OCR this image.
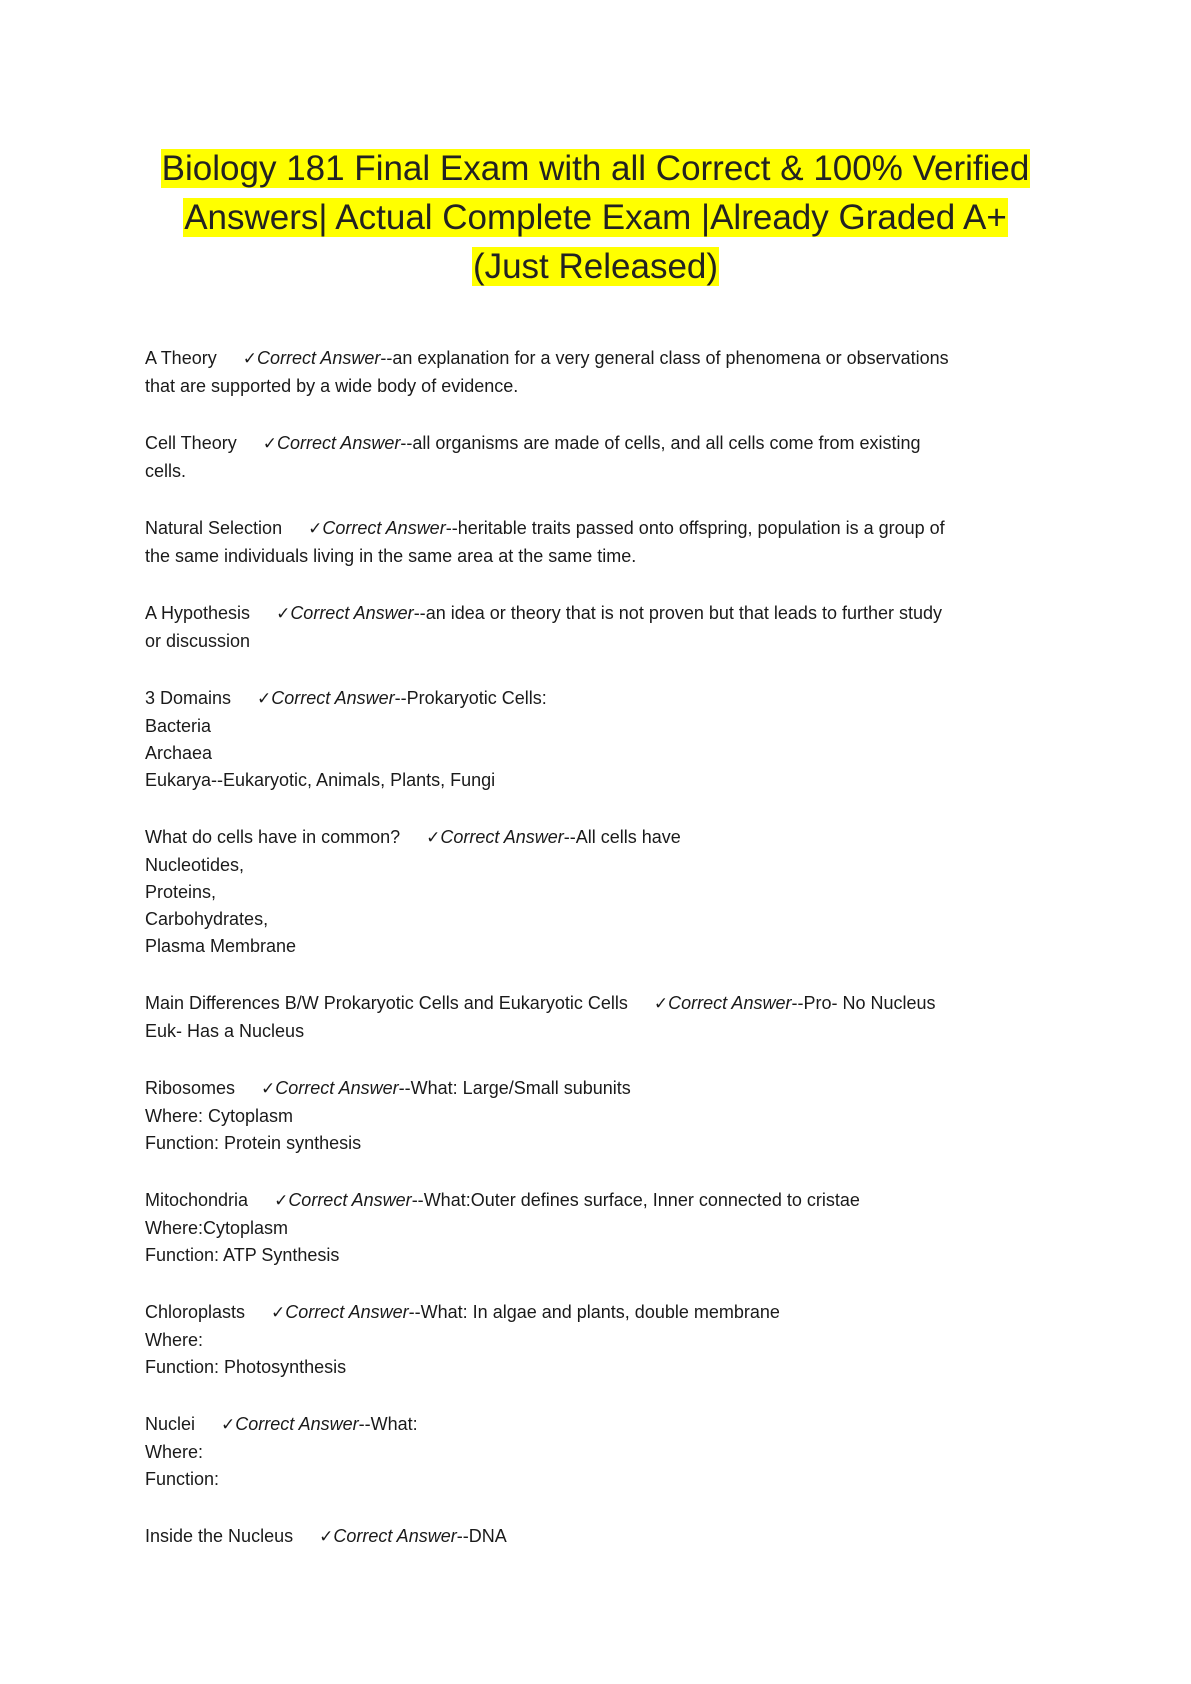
Biology 181 Final Exam with all Correct & 100% Verified
Answers| Actual Complete Exam |Already Graded A+
(Just Released)
A Theory ✓Correct Answer--an explanation for a very general class of phenomena or observations
that are supported by a wide body of evidence.
Cell Theory ✓Correct Answer--all organisms are made of cells, and all cells come from existing
cells.
Natural Selection ✓Correct Answer--heritable traits passed onto offspring, population is a group of
the same individuals living in the same area at the same time.
A Hypothesis ✓Correct Answer--an idea or theory that is not proven but that leads to further study
or discussion
3 Domains ✓Correct Answer--Prokaryotic Cells:
Bacteria
Archaea
Eukarya--Eukaryotic, Animals, Plants, Fungi
What do cells have in common? ✓Correct Answer--All cells have
Nucleotides,
Proteins,
Carbohydrates,
Plasma Membrane
Main Differences B/W Prokaryotic Cells and Eukaryotic Cells ✓Correct Answer--Pro- No Nucleus
Euk- Has a Nucleus
Ribosomes ✓Correct Answer--What: Large/Small subunits
Where: Cytoplasm
Function: Protein synthesis
Mitochondria ✓Correct Answer--What:Outer defines surface, Inner connected to cristae
Where:Cytoplasm
Function: ATP Synthesis
Chloroplasts ✓Correct Answer--What: In algae and plants, double membrane
Where:
Function: Photosynthesis
Nuclei ✓Correct Answer--What:
Where:
Function:
Inside the Nucleus ✓Correct Answer--DNA
